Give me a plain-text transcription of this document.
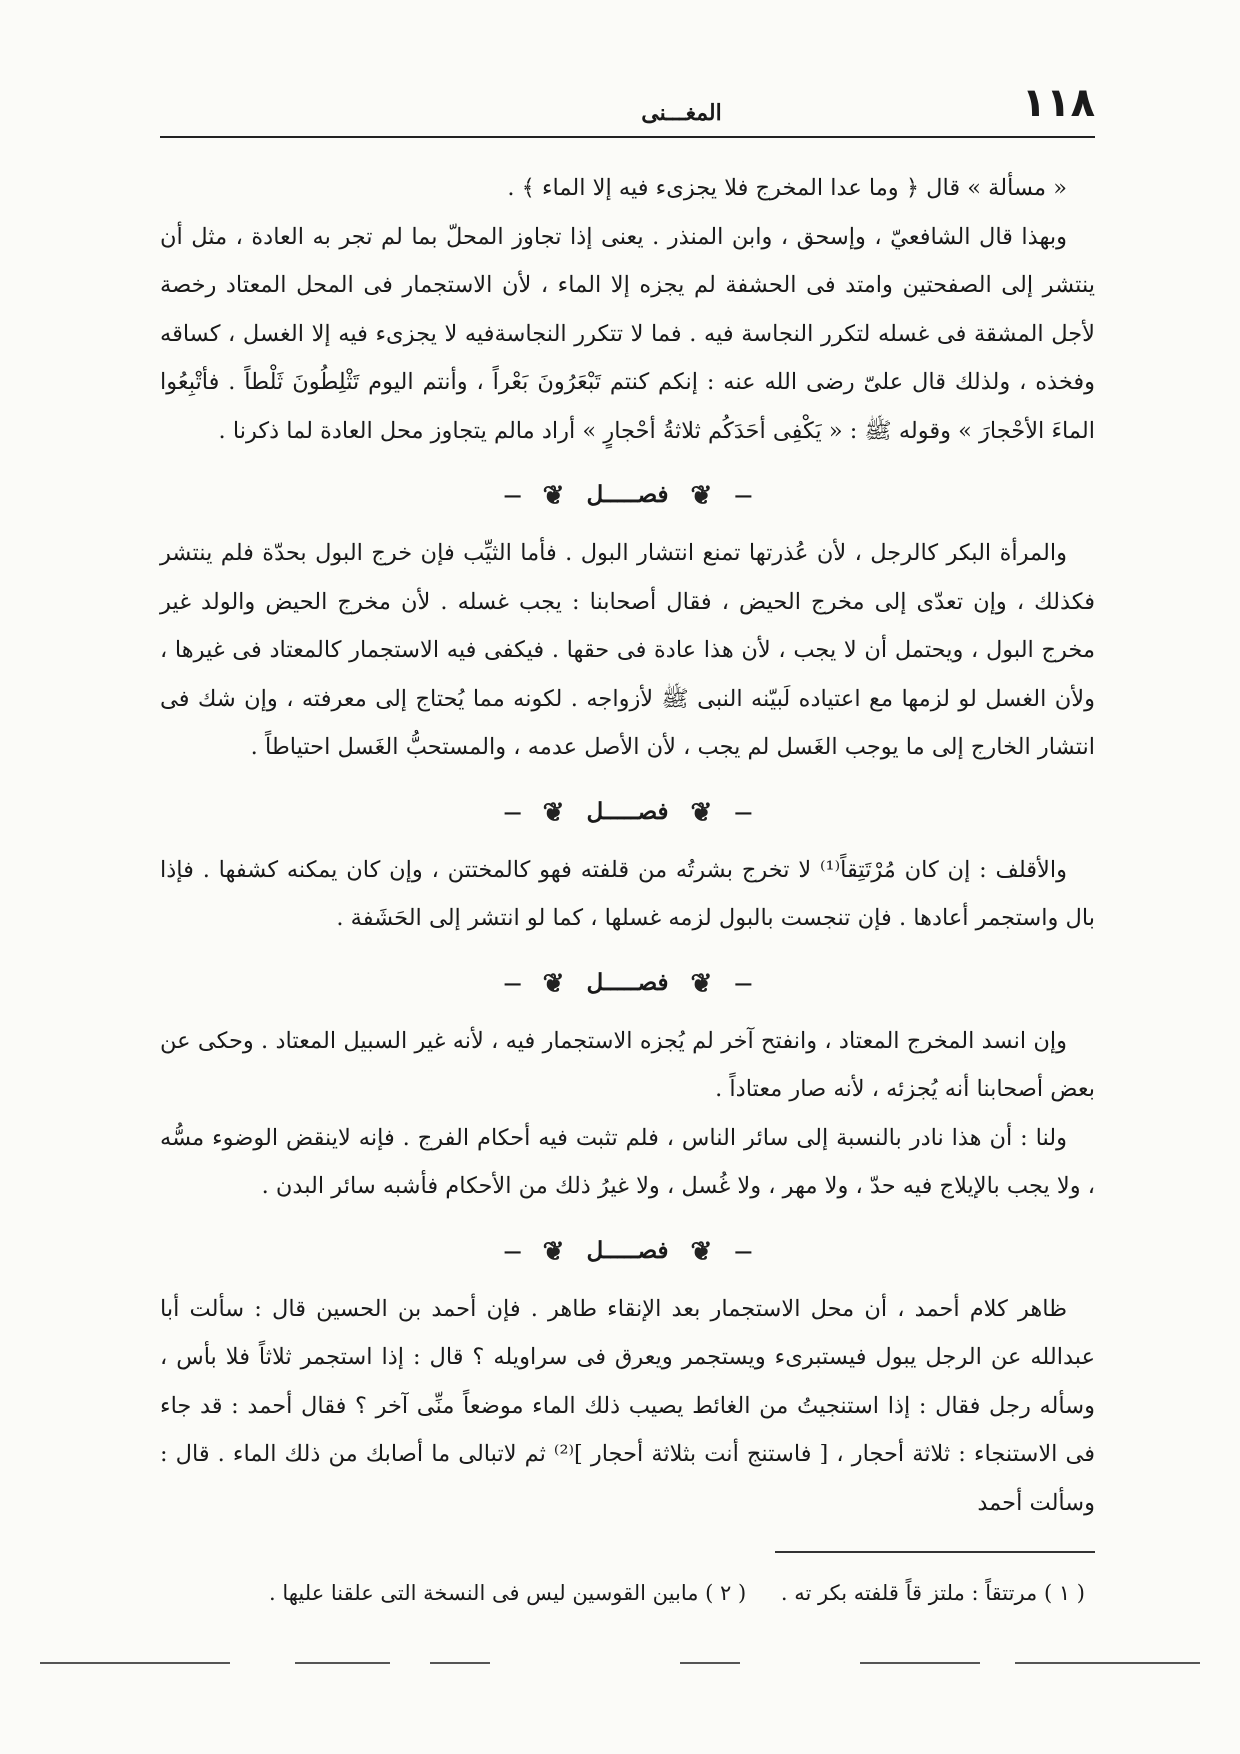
١١٨
المغـــنى

« مسألة » قال ﴿ وما عدا المخرج فلا يجزىء فيه إلا الماء ﴾ .

وبهذا قال الشافعيّ ، وإسحق ، وابن المنذر . يعنى إذا تجاوز المحلّ بما لم تجر به العادة ، مثل أن ينتشر إلى الصفحتين وامتد فى الحشفة لم يجزه إلا الماء ، لأن الاستجمار فى المحل المعتاد رخصة لأجل المشقة فى غسله لتكرر النجاسة فيه . فما لا تتكرر النجاسةفيه لا يجزىء فيه إلا الغسل ، كساقه وفخذه ، ولذلك قال علىّ رضى الله عنه : إنكم كنتم تَبْعَرُونَ بَعْراً ، وأنتم اليوم تَثْلِطُونَ ثَلْطاً . فأتْبِعُوا الماءَ الأحْجارَ » وقوله ﷺ : « يَكْفِى أحَدَكُم ثلاثةُ أحْجارٍ » أراد مالم يتجاوز محل العادة لما ذكرنا .

— ❦ فصـــــل ❦ —

والمرأة البكر كالرجل ، لأن عُذرتها تمنع انتشار البول . فأما الثيِّب فإن خرج البول بحدّة فلم ينتشر فكذلك ، وإن تعدّى إلى مخرج الحيض ، فقال أصحابنا : يجب غسله . لأن مخرج الحيض والولد غير مخرج البول ، ويحتمل أن لا يجب ، لأن هذا عادة فى حقها . فيكفى فيه الاستجمار كالمعتاد فى غيرها ، ولأن الغسل لو لزمها مع اعتياده لَبيّنه النبى ﷺ لأزواجه . لكونه مما يُحتاج إلى معرفته ، وإن شك فى انتشار الخارج إلى ما يوجب الغَسل لم يجب ، لأن الأصل عدمه ، والمستحبُّ الغَسل احتياطاً .

— ❦ فصـــــل ❦ —

والأقلف : إن كان مُرْتَتِقاً⁽¹⁾ لا تخرج بشرتُه من قلفته فهو كالمختتن ، وإن كان يمكنه كشفها . فإذا بال واستجمر أعادها . فإن تنجست بالبول لزمه غسلها ، كما لو انتشر إلى الحَشَفة .

— ❦ فصـــــل ❦ —

وإن انسد المخرج المعتاد ، وانفتح آخر لم يُجزه الاستجمار فيه ، لأنه غير السبيل المعتاد . وحكى عن بعض أصحابنا أنه يُجزئه ، لأنه صار معتاداً .

ولنا : أن هذا نادر بالنسبة إلى سائر الناس ، فلم تثبت فيه أحكام الفرج . فإنه لاينقض الوضوء مسُّه ، ولا يجب بالإيلاج فيه حدّ ، ولا مهر ، ولا غُسل ، ولا غيرُ ذلك من الأحكام فأشبه سائر البدن .

— ❦ فصـــــل ❦ —

ظاهر كلام أحمد ، أن محل الاستجمار بعد الإنقاء طاهر . فإن أحمد بن الحسين قال : سألت أبا عبدالله عن الرجل يبول فيستبرىء ويستجمر ويعرق فى سراويله ؟ قال : إذا استجمر ثلاثاً فلا بأس ، وسأله رجل فقال : إذا استنجيتُ من الغائط يصيب ذلك الماء موضعاً منِّى آخر ؟ فقال أحمد : قد جاء فى الاستنجاء : ثلاثة أحجار ، [ فاستنج أنت بثلاثة أحجار ]⁽²⁾ ثم لاتبالى ما أصابك من ذلك الماء . قال : وسألت أحمد

( ١ ) مرتتقاً : ملتز قاً قلفته بكر ته . ( ٢ ) مابين القوسين ليس فى النسخة التى علقنا عليها .
